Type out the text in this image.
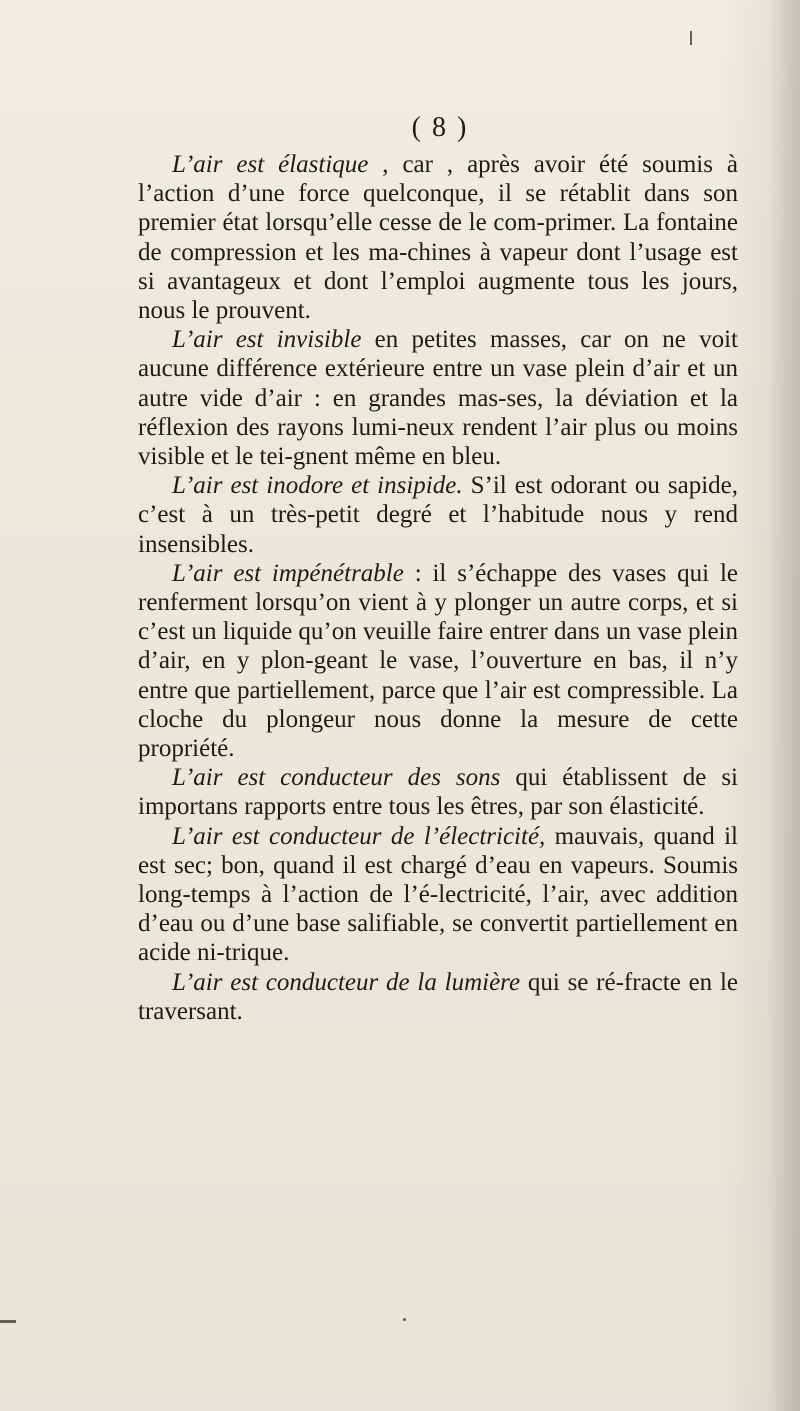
( 8 )

L’air est élastique , car , après avoir été soumis à l’action d’une force quelconque, il se rétablit dans son premier état lorsqu’elle cesse de le com-primer. La fontaine de compression et les ma-chines à vapeur dont l’usage est si avantageux et dont l’emploi augmente tous les jours, nous le prouvent.

L’air est invisible en petites masses, car on ne voit aucune différence extérieure entre un vase plein d’air et un autre vide d’air : en grandes mas-ses, la déviation et la réflexion des rayons lumi-neux rendent l’air plus ou moins visible et le tei-gnent même en bleu.

L’air est inodore et insipide. S’il est odorant ou sapide, c’est à un très-petit degré et l’habitude nous y rend insensibles.

L’air est impénétrable : il s’échappe des vases qui le renferment lorsqu’on vient à y plonger un autre corps, et si c’est un liquide qu’on veuille faire entrer dans un vase plein d’air, en y plon-geant le vase, l’ouverture en bas, il n’y entre que partiellement, parce que l’air est compressible. La cloche du plongeur nous donne la mesure de cette propriété.

L’air est conducteur des sons qui établissent de si importans rapports entre tous les êtres, par son élasticité.

L’air est conducteur de l’électricité, mauvais, quand il est sec; bon, quand il est chargé d’eau en vapeurs. Soumis long-temps à l’action de l’é-lectricité, l’air, avec addition d’eau ou d’une base salifiable, se convertit partiellement en acide ni-trique.

L’air est conducteur de la lumière qui se ré-fracte en le traversant.
